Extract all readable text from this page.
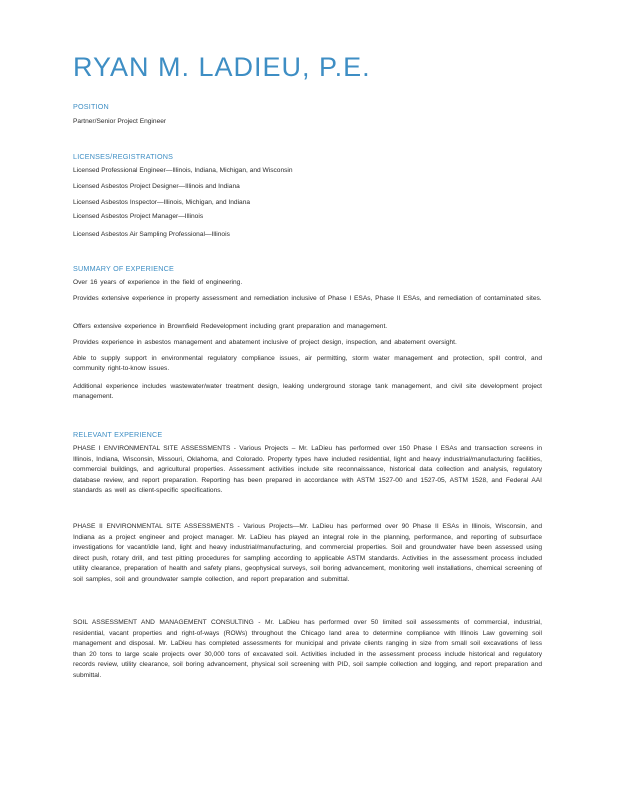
RYAN M. LADIEU, P.E.
POSITION
Partner/Senior Project Engineer
LICENSES/REGISTRATIONS
Licensed Professional Engineer—Illinois, Indiana, Michigan, and Wisconsin
Licensed Asbestos Project Designer—Illinois and Indiana
Licensed Asbestos Inspector—Illinois, Michigan, and Indiana
Licensed Asbestos Project Manager—Illinois
Licensed Asbestos Air Sampling Professional—Illinois
SUMMARY OF EXPERIENCE
Over 16 years of experience in the field of engineering.
Provides extensive experience in property assessment and remediation inclusive of Phase I ESAs, Phase II ESAs, and remediation of contaminated sites.
Offers extensive experience in Brownfield Redevelopment including grant preparation and management.
Provides experience in asbestos management and abatement inclusive of project design, inspection, and abatement oversight.
Able to supply support in environmental regulatory compliance issues, air permitting, storm water management and protection, spill control, and community right-to-know issues.
Additional experience includes wastewater/water treatment design, leaking underground storage tank management, and civil site development project management.
RELEVANT EXPERIENCE
PHASE I ENVIRONMENTAL SITE ASSESSMENTS - Various Projects – Mr. LaDieu has performed over 150 Phase I ESAs and transaction screens in Illinois, Indiana, Wisconsin, Missouri, Oklahoma, and Colorado. Property types have included residential, light and heavy industrial/manufacturing facilities, commercial buildings, and agricultural properties. Assessment activities include site reconnaissance, historical data collection and analysis, regulatory database review, and report preparation. Reporting has been prepared in accordance with ASTM 1527-00 and 1527-05, ASTM 1528, and Federal AAI standards as well as client-specific specifications.
PHASE II ENVIRONMENTAL SITE ASSESSMENTS - Various Projects—Mr. LaDieu has performed over 90 Phase II ESAs in Illinois, Wisconsin, and Indiana as a project engineer and project manager. Mr. LaDieu has played an integral role in the planning, performance, and reporting of subsurface investigations for vacant/idle land, light and heavy industrial/manufacturing, and commercial properties. Soil and groundwater have been assessed using direct push, rotary drill, and test pitting procedures for sampling according to applicable ASTM standards. Activities in the assessment process included utility clearance, preparation of health and safety plans, geophysical surveys, soil boring advancement, monitoring well installations, chemical screening of soil samples, soil and groundwater sample collection, and report preparation and submittal.
SOIL ASSESSMENT AND MANAGEMENT CONSULTING - Mr. LaDieu has performed over 50 limited soil assessments of commercial, industrial, residential, vacant properties and right-of-ways (ROWs) throughout the Chicago land area to determine compliance with Illinois Law governing soil management and disposal. Mr. LaDieu has completed assessments for municipal and private clients ranging in size from small soil excavations of less than 20 tons to large scale projects over 30,000 tons of excavated soil. Activities included in the assessment process include historical and regulatory records review, utility clearance, soil boring advancement, physical soil screening with PID, soil sample collection and logging, and report preparation and submittal.
